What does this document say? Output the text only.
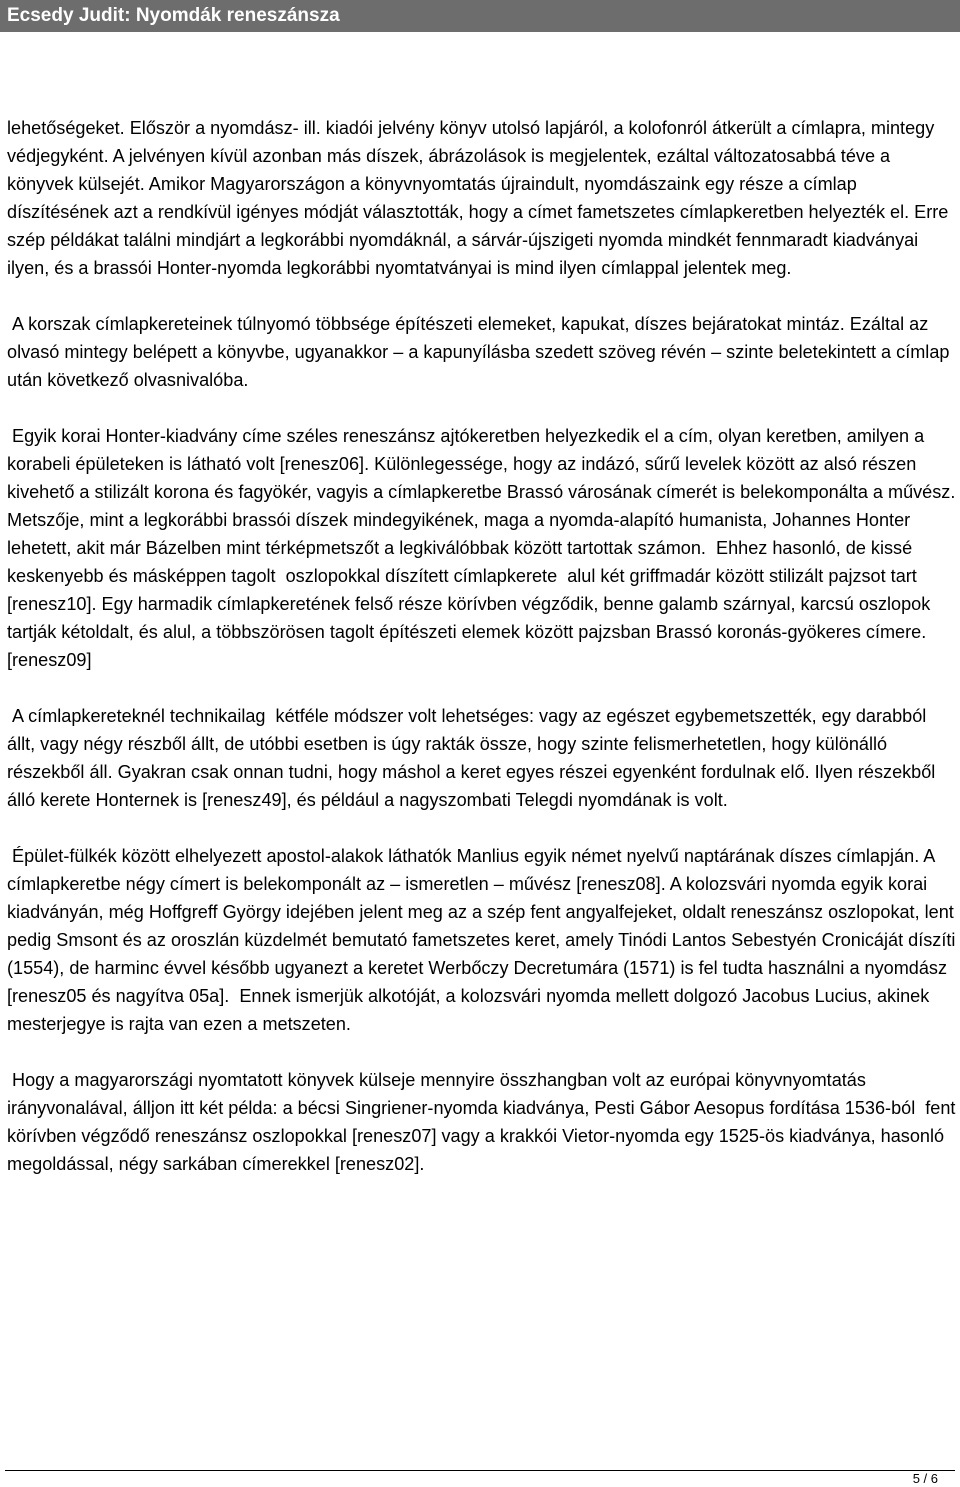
Ecsedy Judit: Nyomdák reneszánsza

lehetőségeket. Először a nyomdász- ill. kiadói jelvény könyv utolsó lapjáról, a kolofonról átkerült a címlapra, mintegy védjegyként. A jelvényen kívül azonban más díszek, ábrázolások is megjelentek, ezáltal változatosabbá téve a könyvek külsejét. Amikor Magyarországon a könyvnyomtatás újraindult, nyomdászaink egy része a címlap díszítésének azt a rendkívül igényes módját választották, hogy a címet fametszetes címlapkeretben helyezték el. Erre szép példákat találni mindjárt a legkorábbi nyomdáknál, a sárvár-újszigeti nyomda mindkét fennmaradt kiadványai ilyen, és a brassói Honter-nyomda legkorábbi nyomtatványai is mind ilyen címlappal jelentek meg.

A korszak címlapkereteinek túlnyomó többsége építészeti elemeket, kapukat, díszes bejáratokat mintáz. Ezáltal az olvasó mintegy belépett a könyvbe, ugyanakkor – a kapunyílásba szedett szöveg révén – szinte beletekintett a címlap után következő olvasnivalóba.

Egyik korai Honter-kiadvány címe széles reneszánsz ajtókeretben helyezkedik el a cím, olyan keretben, amilyen a korabeli épületeken is látható volt [renesz06]. Különlegessége, hogy az indázó, sűrű levelek között az alsó részen kivehető a stilizált korona és fagyökér, vagyis a címlapkeretbe Brassó városának címerét is belekomponálta a művész. Metszője, mint a legkorábbi brassói díszek mindegyikének, maga a nyomda-alapító humanista, Johannes Honter lehetett, akit már Bázelben mint térképmetszőt a legkiválóbbak között tartottak számon.  Ehhez hasonló, de kissé keskenyebb és másképpen tagolt  oszlopokkal díszített címlapkerete  alul két griffmadár között stilizált pajzsot tart [renesz10]. Egy harmadik címlapkeretének felső része körívben végződik, benne galamb szárnyal, karcsú oszlopok tartják kétoldalt, és alul, a többszörösen tagolt építészeti elemek között pajzsban Brassó koronás-gyökeres címere. [renesz09]

A címlapkereteknél technikailag  kétféle módszer volt lehetséges: vagy az egészet egybemetszették, egy darabból állt, vagy négy részből állt, de utóbbi esetben is úgy rakták össze, hogy szinte felismerhetetlen, hogy különálló részekből áll. Gyakran csak onnan tudni, hogy máshol a keret egyes részei egyenként fordulnak elő. Ilyen részekből álló kerete Honternek is [renesz49], és például a nagyszombati Telegdi nyomdának is volt.

Épület-fülkék között elhelyezett apostol-alakok láthatók Manlius egyik német nyelvű naptárának díszes címlapján. A címlapkeretbe négy címert is belekomponált az – ismeretlen – művész [renesz08]. A kolozsvári nyomda egyik korai kiadványán, még Hoffgreff György idejében jelent meg az a szép fent angyalfejeket, oldalt reneszánsz oszlopokat, lent pedig Smsont és az oroszlán küzdelmét bemutató fametszetes keret, amely Tinódi Lantos Sebestyén Cronicáját díszíti (1554), de harminc évvel később ugyanezt a keretet Werbőczy Decretumára (1571) is fel tudta használni a nyomdász [renesz05 és nagyítva 05a].  Ennek ismerjük alkotóját, a kolozsvári nyomda mellett dolgozó Jacobus Lucius, akinek mesterjegye is rajta van ezen a metszeten.

Hogy a magyarországi nyomtatott könyvek külseje mennyire összhangban volt az európai könyvnyomtatás irányvonalával, álljon itt két példa: a bécsi Singriener-nyomda kiadványa, Pesti Gábor Aesopus fordítása 1536-ból  fent körívben végződő reneszánsz oszlopokkal [renesz07] vagy a krakkói Vietor-nyomda egy 1525-ös kiadványa, hasonló megoldással, négy sarkában címerekkel [renesz02].

5 / 6
